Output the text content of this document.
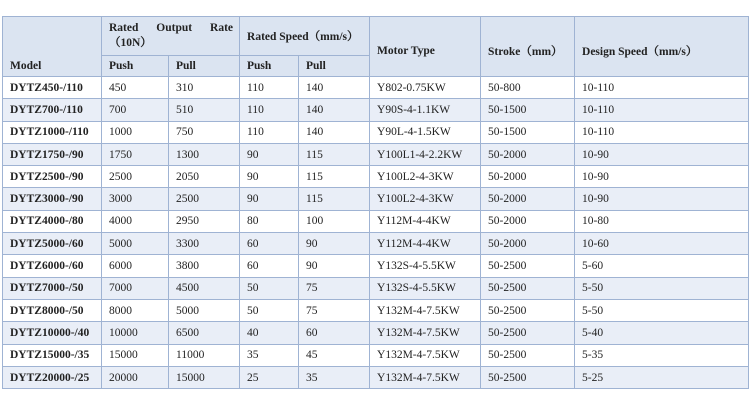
Model	Rated Output Rate （10N）		Rated Speed（mm/s）		Motor Type	Stroke（mm）	Design Speed（mm/s）
	Push	Pull	Push	Pull			
DYTZ450-/110	450	310	110	140	Y802-0.75KW	50-800	10-110
DYTZ700-/110	700	510	110	140	Y90S-4-1.1KW	50-1500	10-110
DYTZ1000-/110	1000	750	110	140	Y90L-4-1.5KW	50-1500	10-110
DYTZ1750-/90	1750	1300	90	115	Y100L1-4-2.2KW	50-2000	10-90
DYTZ2500-/90	2500	2050	90	115	Y100L2-4-3KW	50-2000	10-90
DYTZ3000-/90	3000	2500	90	115	Y100L2-4-3KW	50-2000	10-90
DYTZ4000-/80	4000	2950	80	100	Y112M-4-4KW	50-2000	10-80
DYTZ5000-/60	5000	3300	60	90	Y112M-4-4KW	50-2000	10-60
DYTZ6000-/60	6000	3800	60	90	Y132S-4-5.5KW	50-2500	5-60
DYTZ7000-/50	7000	4500	50	75	Y132S-4-5.5KW	50-2500	5-50
DYTZ8000-/50	8000	5000	50	75	Y132M-4-7.5KW	50-2500	5-50
DYTZ10000-/40	10000	6500	40	60	Y132M-4-7.5KW	50-2500	5-40
DYTZ15000-/35	15000	11000	35	45	Y132M-4-7.5KW	50-2500	5-35
DYTZ20000-/25	20000	15000	25	35	Y132M-4-7.5KW	50-2500	5-25
